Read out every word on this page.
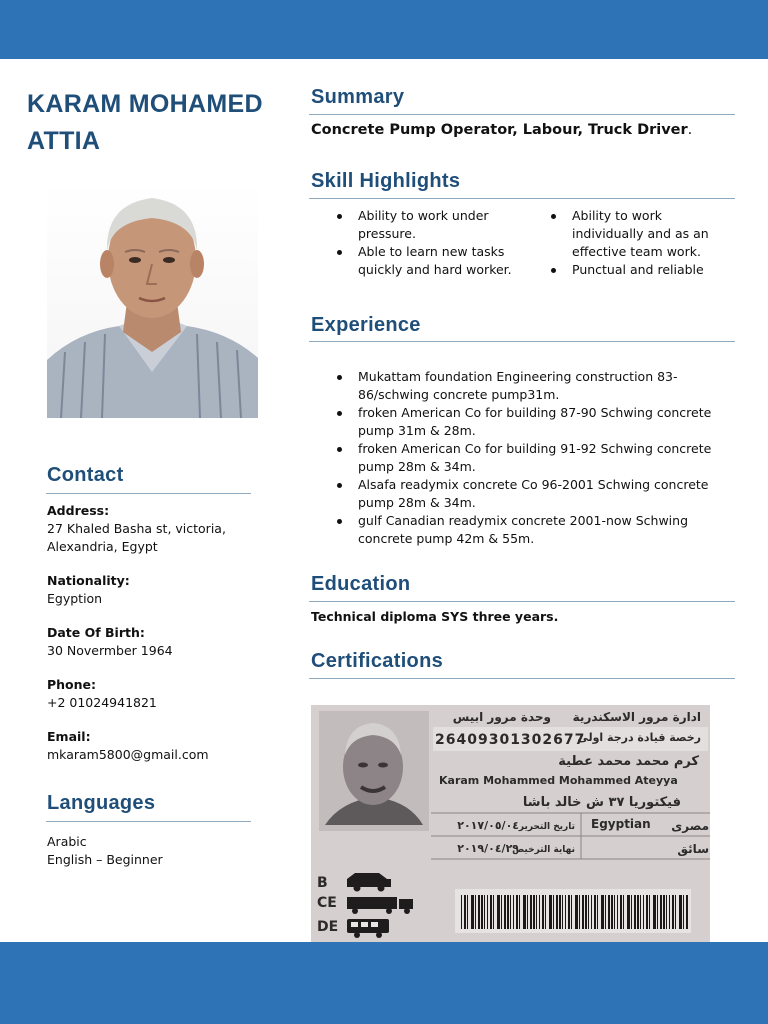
KARAM MOHAMED
ATTIA
Contact
Address:
27 Khaled Basha st, victoria,
Alexandria, Egypt
Nationality:
Egyption
Date Of Birth:
30 Novermber 1964
Phone:
+2 01024941821
Email:
mkaram5800@gmail.com
Languages
Arabic
English – Beginner
Summary
Concrete Pump Operator, Labour, Truck Driver.
Skill Highlights
Ability to work under pressure.
Able to learn new tasks quickly and hard worker.
Ability to work individually and as an effective team work.
Punctual and reliable
Experience
Mukattam foundation Engineering construction 83-86/schwing concrete pump31m.
froken American Co for building 87-90 Schwing concrete pump 31m & 28m.
froken American Co for building 91-92 Schwing concrete pump 28m & 34m.
Alsafa readymix concrete Co 96-2001 Schwing concrete pump 28m & 34m.
gulf Canadian readymix concrete 2001-now Schwing concrete pump 42m & 55m.
Education
Technical diploma SYS three years.
Certifications
ادارة مرور الاسكندرية
وحدة مرور ابيس
رخصة قيادة درجة اولى
26409301302677
كرم محمد محمد عطية
Karam Mohammed Mohammed Ateyya
فيكتوريا ٣٧ ش خالد باشا
تاريخ التحرير
٢٠١٧/٠٥/٠٤	Egyptian مصرى
نهاية الترخيص
٢٠١٩/٠٤/٢٩	سائق
B
CE
DE
